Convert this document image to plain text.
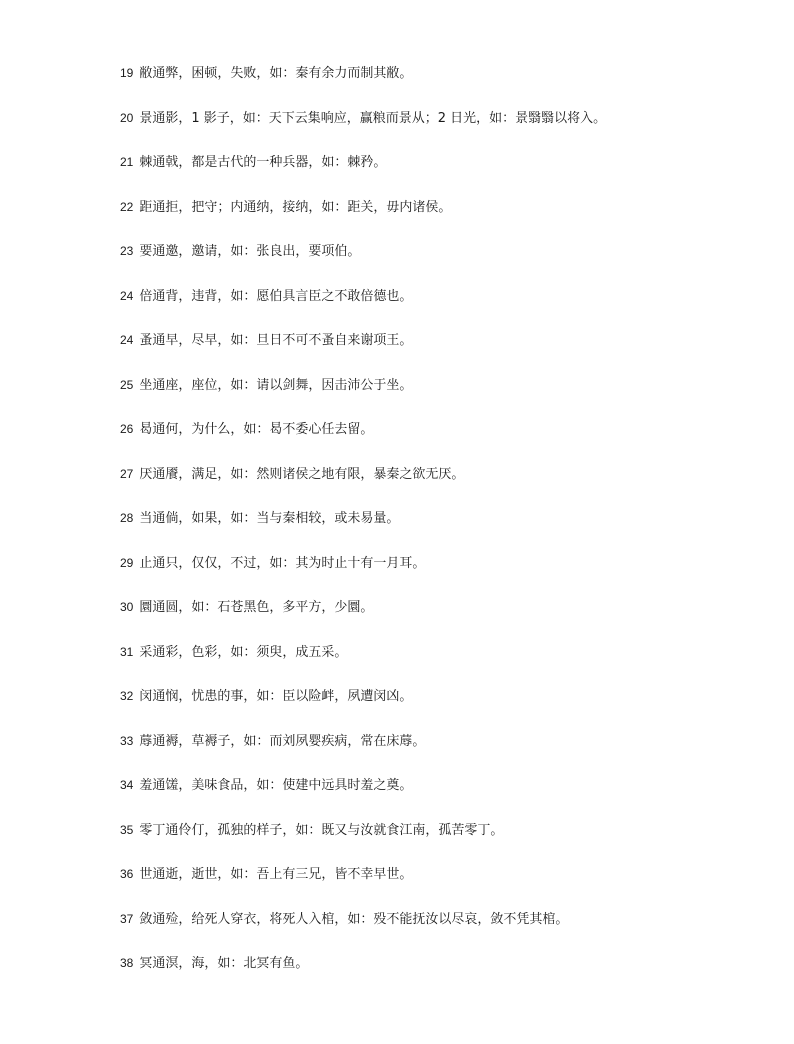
19 敝通弊，困顿，失败，如：秦有余力而制其敝。
20 景通影，1 影子，如：天下云集响应，赢粮而景从；2 日光，如：景翳翳以将入。
21 棘通戟，都是古代的一种兵器，如：棘矜。
22 距通拒，把守；内通纳，接纳，如：距关，毋内诸侯。
23 要通邀，邀请，如：张良出，要项伯。
24 倍通背，违背，如：愿伯具言臣之不敢倍德也。
24 蚤通早，尽早，如：旦日不可不蚤自来谢项王。
25 坐通座，座位，如：请以剑舞，因击沛公于坐。
26 曷通何，为什么，如：曷不委心任去留。
27 厌通餍，满足，如：然则诸侯之地有限，暴秦之欲无厌。
28 当通倘，如果，如：当与秦相较，或未易量。
29 止通只，仅仅，不过，如：其为时止十有一月耳。
30 圜通圆，如：石苍黑色，多平方，少圜。
31 采通彩，色彩，如：须臾，成五采。
32 闵通悯，忧患的事，如：臣以险衅，夙遭闵凶。
33 蓐通褥，草褥子，如：而刘夙婴疾病，常在床蓐。
34 羞通馐，美味食品，如：使建中远具时羞之奠。
35 零丁通伶仃，孤独的样子，如：既又与汝就食江南，孤苦零丁。
36 世通逝，逝世，如：吾上有三兄，皆不幸早世。
37 敛通殓，给死人穿衣，将死人入棺，如：殁不能抚汝以尽哀，敛不凭其棺。
38 冥通溟，海，如：北冥有鱼。
